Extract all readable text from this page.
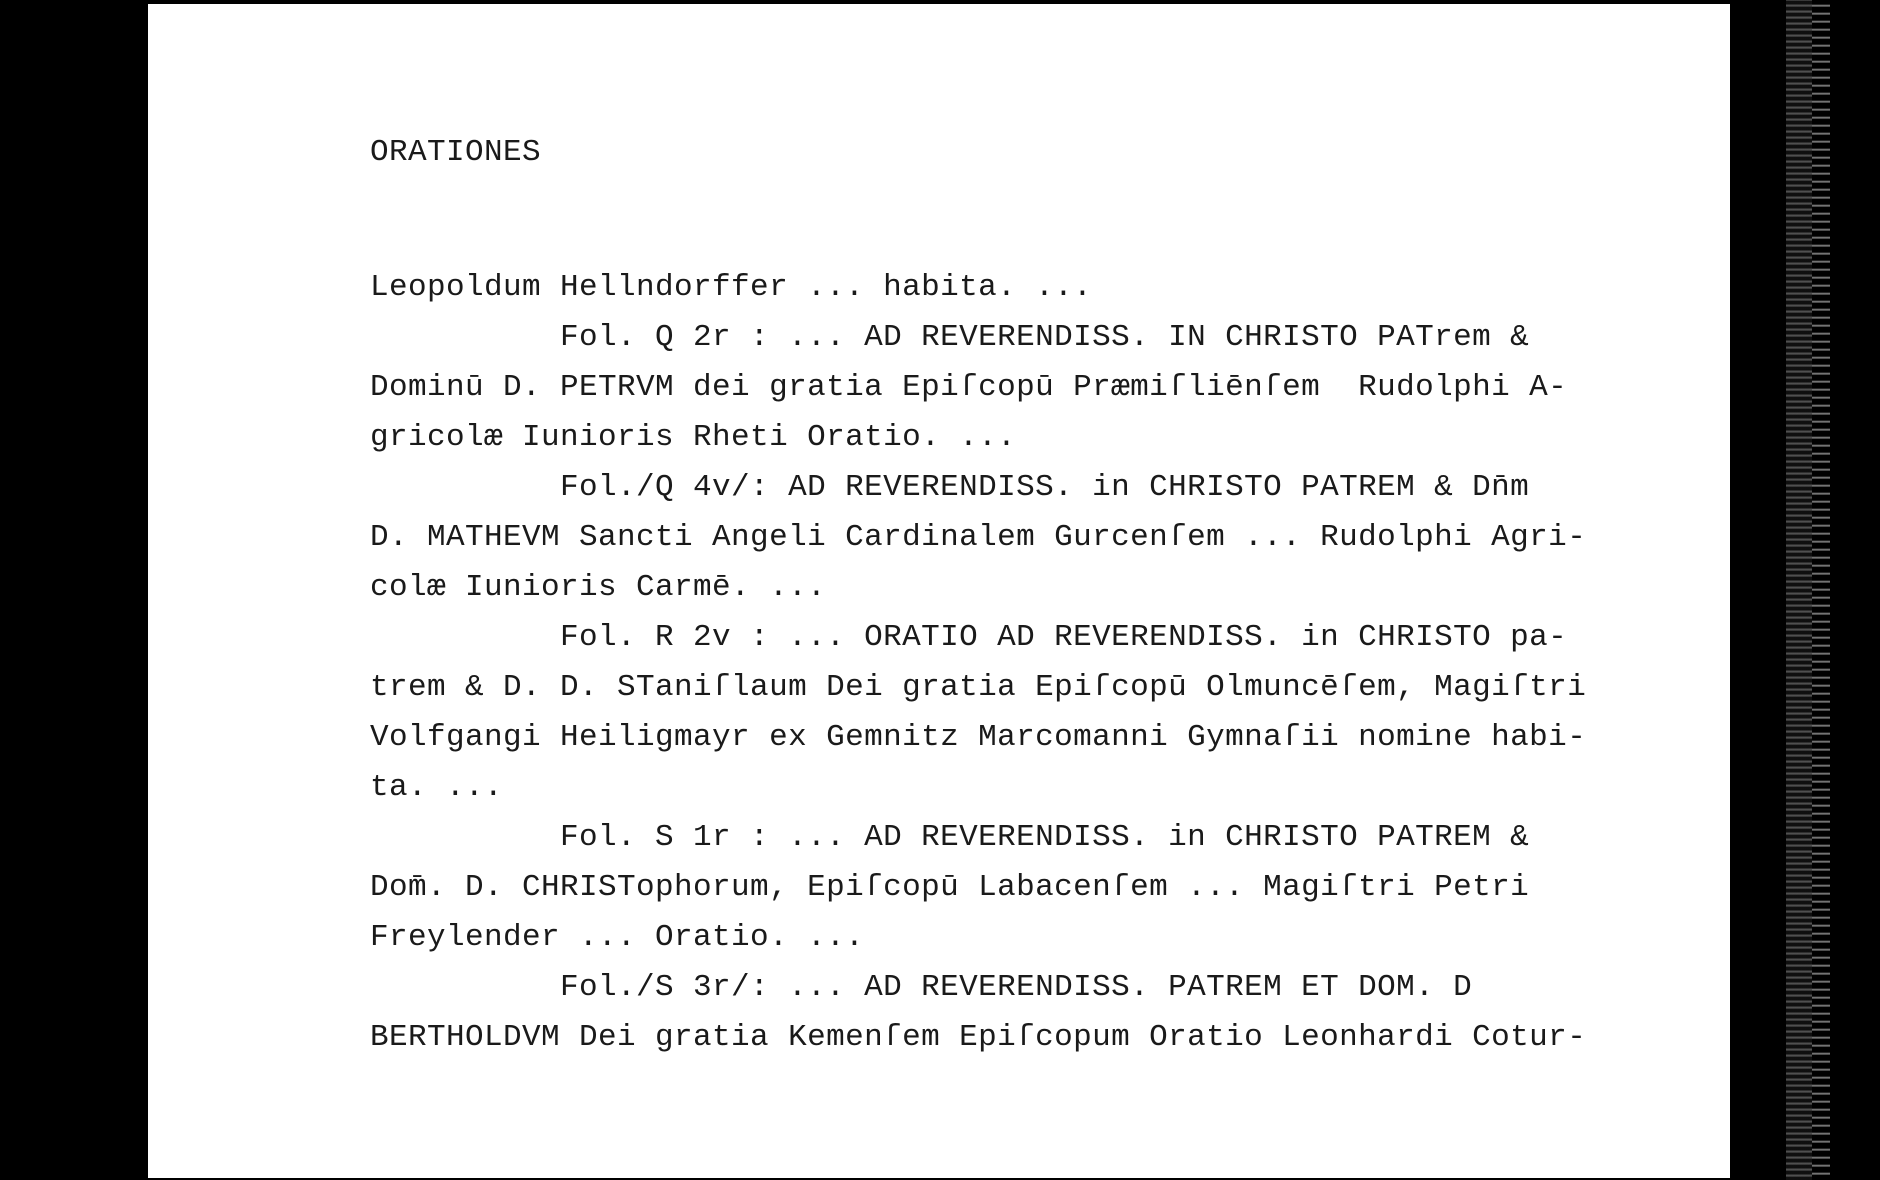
ORATIONES

Leopoldum Hellndorffer ... habita. ...

Fol. Q 2r : ... AD REVERENDISS. IN CHRISTO PATrem &

Dominū D. PETRVM dei gratia Epiſcopū Præmiſliēnſem  Rudolphi A-

gricolæ Iunioris Rheti Oratio. ...

Fol./Q 4v/: AD REVERENDISS. in CHRISTO PATREM & Dn̄m

D. MATHEVM Sancti Angeli Cardinalem Gurcenſem ... Rudolphi Agri-

colæ Iunioris Carmē. ...

Fol. R 2v : ... ORATIO AD REVERENDISS. in CHRISTO pa-

trem & D. D. STaniſlaum Dei gratia Epiſcopū Olmuncēſem, Magiſtri

Volfgangi Heiligmayr ex Gemnitz Marcomanni Gymnaſii nomine habi-

ta. ...

Fol. S 1r : ... AD REVERENDISS. in CHRISTO PATREM &

Dom̄. D. CHRISTophorum, Epiſcopū Labacenſem ... Magiſtri Petri

Freylender ... Oratio. ...

Fol./S 3r/: ... AD REVERENDISS. PATREM ET DOM. D

BERTHOLDVM Dei gratia Kemenſem Epiſcopum Oratio Leonhardi Cotur-
